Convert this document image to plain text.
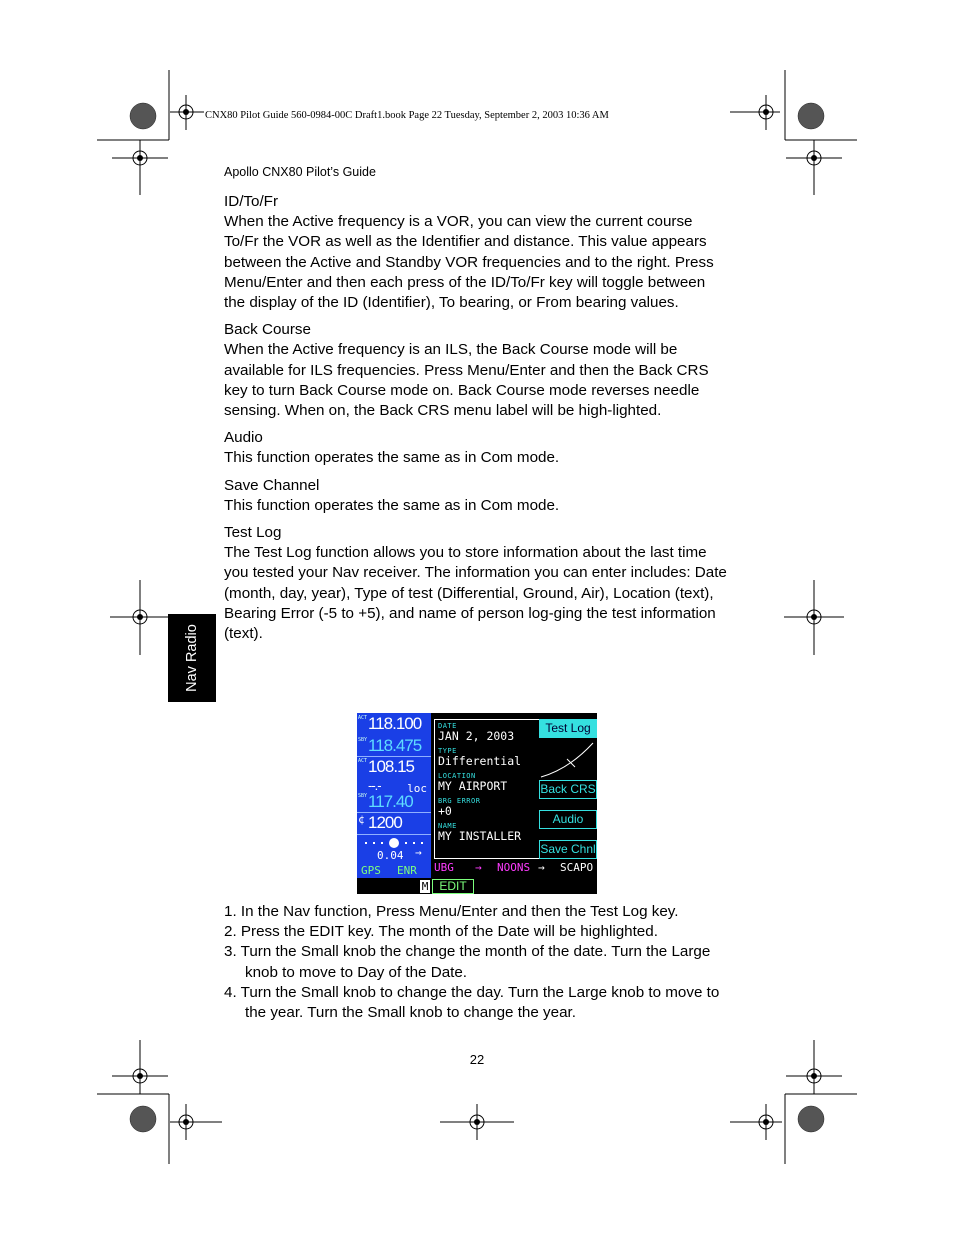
CNX80 Pilot Guide 560-0984-00C Draft1.book Page 22 Tuesday, September 2, 2003 10:36 AM
Apollo CNX80 Pilot’s Guide
Nav Radio
ID/To/Fr

When the Active frequency is a VOR, you can view the current course To/Fr the VOR as well as the Identifier and distance. This value appears between the Active and Standby VOR frequencies and to the right. Press Menu/Enter and then each press of the ID/To/Fr key will toggle between the display of the ID (Identifier), To bearing, or From bearing values.

Back Course

When the Active frequency is an ILS, the Back Course mode will be available for ILS frequencies. Press Menu/Enter and then the Back CRS key to turn Back Course mode on. Back Course mode reverses needle sensing. When on, the Back CRS menu label will be high-lighted.

Audio

This function operates the same as in Com mode.

Save Channel

This function operates the same as in Com mode.

Test Log

The Test Log function allows you to store information about the last time you tested your Nav receiver. The information you can enter includes: Date (month, day, year), Type of test (Differential, Ground, Air), Location (text), Bearing Error (-5 to +5), and name of person log-ging the test information (text).

ACT 118.100
SBY 118.475
ACT 108.15
--.- loc
SBY 117.40
¢ 1200
0.04 →
GPS ENR
DATE
JAN 2, 2003
TYPE
Differential
LOCATION
MY AIRPORT
BRG ERROR
+0
NAME
MY INSTALLER
Test Log
Back CRS
Audio
Save Chnl
UBG → NOONS → SCAPO
M EDIT
1. In the Nav function, Press Menu/Enter and then the Test Log key.
2. Press the EDIT key. The month of the Date will be highlighted.
3. Turn the Small knob the change the month of the date. Turn the Large knob to move to Day of the Date.
4. Turn the Small knob to change the day. Turn the Large knob to move to the year. Turn the Small knob to change the year.
22
